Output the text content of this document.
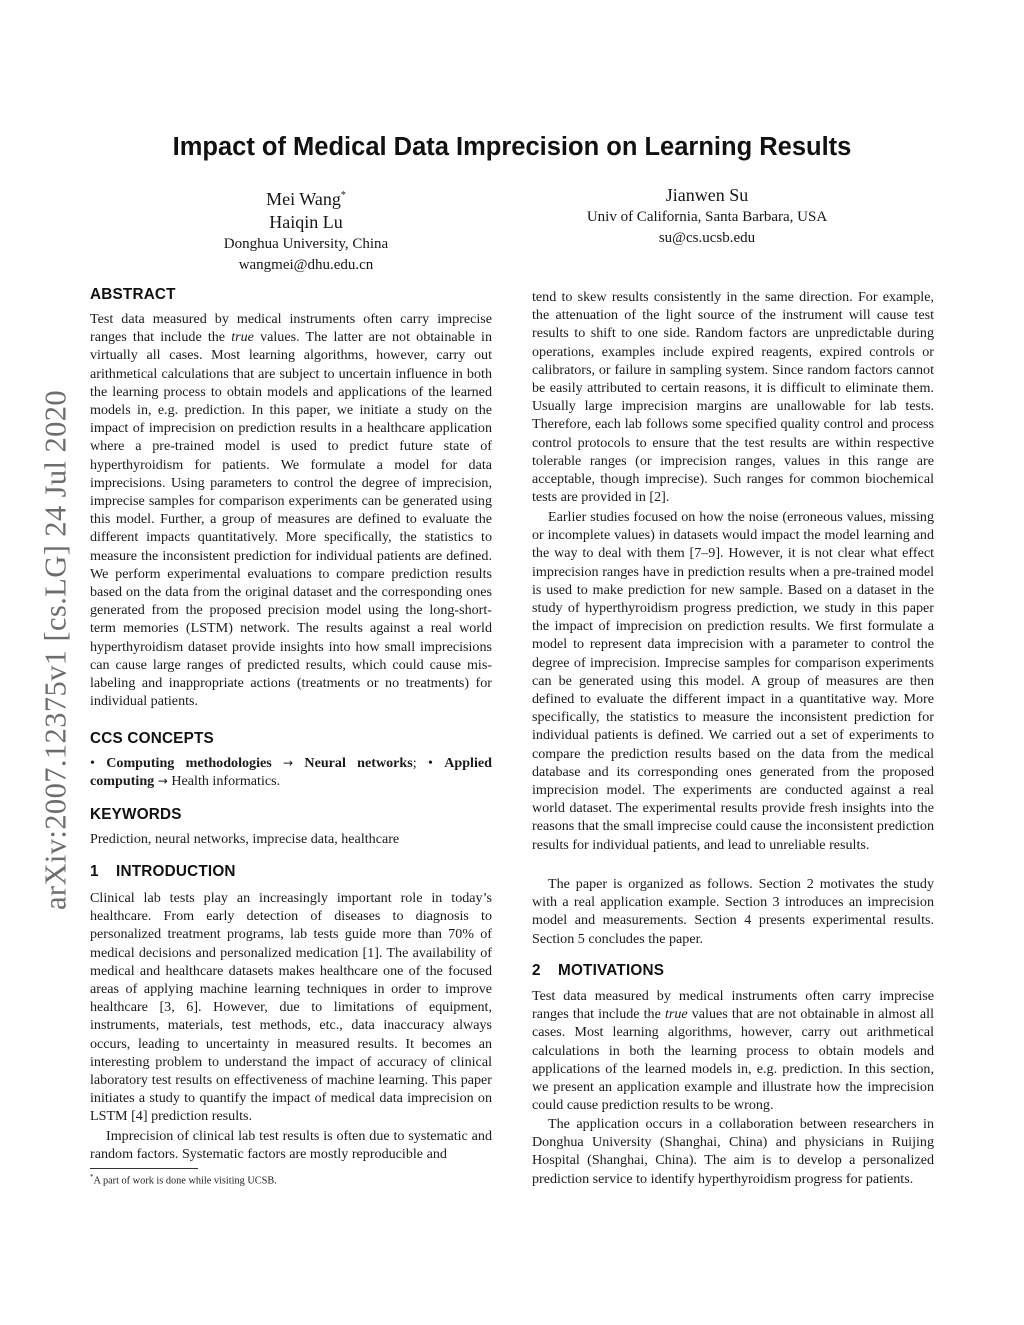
arXiv:2007.12375v1 [cs.LG] 24 Jul 2020
Impact of Medical Data Imprecision on Learning Results
Mei Wang*
Haiqin Lu
Donghua University, China
wangmei@dhu.edu.cn
Jianwen Su
Univ of California, Santa Barbara, USA
su@cs.ucsb.edu
ABSTRACT

Test data measured by medical instruments often carry imprecise ranges that include the true values. The latter are not obtainable in virtually all cases. Most learning algorithms, however, carry out arithmetical calculations that are subject to uncertain influence in both the learning process to obtain models and applications of the learned models in, e.g. prediction. In this paper, we initiate a study on the impact of imprecision on prediction results in a healthcare application where a pre-trained model is used to predict future state of hyperthyroidism for patients. We formulate a model for data imprecisions. Using parameters to control the degree of imprecision, imprecise samples for comparison experiments can be generated using this model. Further, a group of measures are defined to evaluate the different impacts quantitatively. More specifically, the statistics to measure the inconsistent prediction for individual patients are defined. We perform experimental evaluations to compare prediction results based on the data from the original dataset and the corresponding ones generated from the proposed precision model using the long-short-term memories (LSTM) network. The results against a real world hyperthyroidism dataset provide insights into how small imprecisions can cause large ranges of predicted results, which could cause mis-labeling and inappropriate actions (treatments or no treatments) for individual patients.

CCS CONCEPTS

• Computing methodologies → Neural networks; • Applied computing → Health informatics.

KEYWORDS

Prediction, neural networks, imprecise data, healthcare

1 INTRODUCTION

Clinical lab tests play an increasingly important role in today’s healthcare. From early detection of diseases to diagnosis to personalized treatment programs, lab tests guide more than 70% of medical decisions and personalized medication [1]. The availability of medical and healthcare datasets makes healthcare one of the focused areas of applying machine learning techniques in order to improve healthcare [3, 6]. However, due to limitations of equipment, instruments, materials, test methods, etc., data inaccuracy always occurs, leading to uncertainty in measured results. It becomes an interesting problem to understand the impact of accuracy of clinical laboratory test results on effectiveness of machine learning. This paper initiates a study to quantify the impact of medical data imprecision on LSTM [4] prediction results.

Imprecision of clinical lab test results is often due to systematic and random factors. Systematic factors are mostly reproducible and

tend to skew results consistently in the same direction. For example, the attenuation of the light source of the instrument will cause test results to shift to one side. Random factors are unpredictable during operations, examples include expired reagents, expired controls or calibrators, or failure in sampling system. Since random factors cannot be easily attributed to certain reasons, it is difficult to eliminate them. Usually large imprecision margins are unallowable for lab tests. Therefore, each lab follows some specified quality control and process control protocols to ensure that the test results are within respective tolerable ranges (or imprecision ranges, values in this range are acceptable, though imprecise). Such ranges for common biochemical tests are provided in [2].

Earlier studies focused on how the noise (erroneous values, missing or incomplete values) in datasets would impact the model learning and the way to deal with them [7–9]. However, it is not clear what effect imprecision ranges have in prediction results when a pre-trained model is used to make prediction for new sample. Based on a dataset in the study of hyperthyroidism progress prediction, we study in this paper the impact of imprecision on prediction results. We first formulate a model to represent data imprecision with a parameter to control the degree of imprecision. Imprecise samples for comparison experiments can be generated using this model. A group of measures are then defined to evaluate the different impact in a quantitative way. More specifically, the statistics to measure the inconsistent prediction for individual patients is defined. We carried out a set of experiments to compare the prediction results based on the data from the medical database and its corresponding ones generated from the proposed imprecision model. The experiments are conducted against a real world dataset. The experimental results provide fresh insights into the reasons that the small imprecise could cause the inconsistent prediction results for individual patients, and lead to unreliable results.

The paper is organized as follows. Section 2 motivates the study with a real application example. Section 3 introduces an imprecision model and measurements. Section 4 presents experimental results. Section 5 concludes the paper.

2 MOTIVATIONS

Test data measured by medical instruments often carry imprecise ranges that include the true values that are not obtainable in almost all cases. Most learning algorithms, however, carry out arithmetical calculations in both the learning process to obtain models and applications of the learned models in, e.g. prediction. In this section, we present an application example and illustrate how the imprecision could cause prediction results to be wrong.

The application occurs in a collaboration between researchers in Donghua University (Shanghai, China) and physicians in Ruijing Hospital (Shanghai, China). The aim is to develop a personalized prediction service to identify hyperthyroidism progress for patients.

*A part of work is done while visiting UCSB.
